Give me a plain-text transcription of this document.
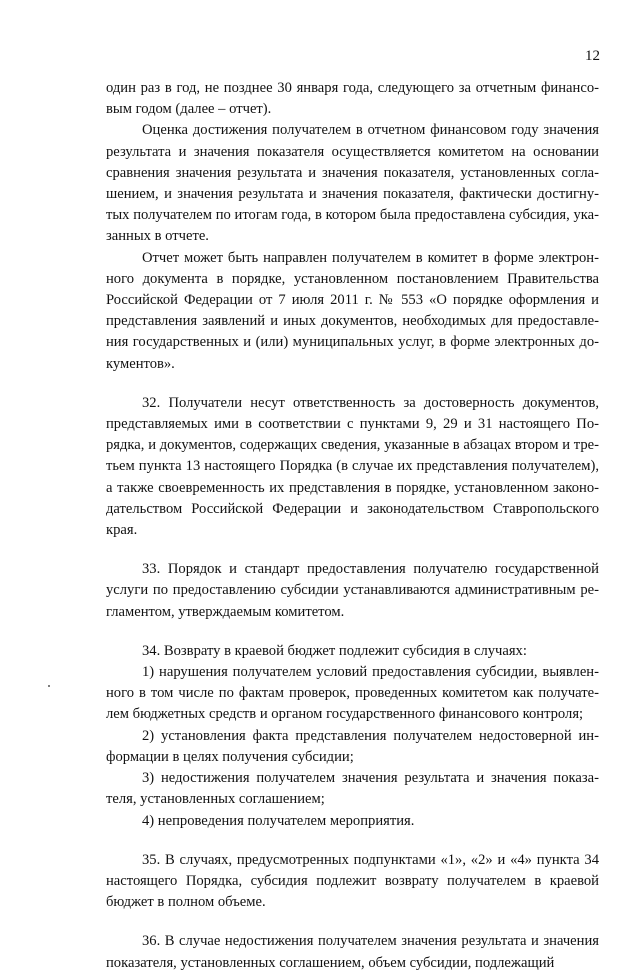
12

один раз в год, не позднее 30 января года, следующего за отчетным финансовым годом (далее – отчет).

Оценка достижения получателем в отчетном финансовом году значения результата и значения показателя осуществляется комитетом на основании сравнения значения результата и значения показателя, установленных соглашением, и значения результата и значения показателя, фактически достигнутых получателем по итогам года, в котором была предоставлена субсидия, указанных в отчете.

Отчет может быть направлен получателем в комитет в форме электронного документа в порядке, установленном постановлением Правительства Российской Федерации от 7 июля 2011 г. № 553 «О порядке оформления и представления заявлений и иных документов, необходимых для предоставления государственных и (или) муниципальных услуг, в форме электронных документов».

32. Получатели несут ответственность за достоверность документов, представляемых ими в соответствии с пунктами 9, 29 и 31 настоящего Порядка, и документов, содержащих сведения, указанные в абзацах втором и третьем пункта 13 настоящего Порядка (в случае их представления получателем), а также своевременность их представления в порядке, установленном законодательством Российской Федерации и законодательством Ставропольского края.

33. Порядок и стандарт предоставления получателю государственной услуги по предоставлению субсидии устанавливаются административным регламентом, утверждаемым комитетом.

34. Возврату в краевой бюджет подлежит субсидия в случаях:

1) нарушения получателем условий предоставления субсидии, выявленного в том числе по фактам проверок, проведенных комитетом как получателем бюджетных средств и органом государственного финансового контроля;

2) установления факта представления получателем недостоверной информации в целях получения субсидии;

3) недостижения получателем значения результата и значения показателя, установленных соглашением;

4) непроведения получателем мероприятия.

35. В случаях, предусмотренных подпунктами «1», «2» и «4» пункта 34 настоящего Порядка, субсидия подлежит возврату получателем в краевой бюджет в полном объеме.

36. В случае недостижения получателем значения результата и значения показателя, установленных соглашением, объем субсидии, подлежащий
